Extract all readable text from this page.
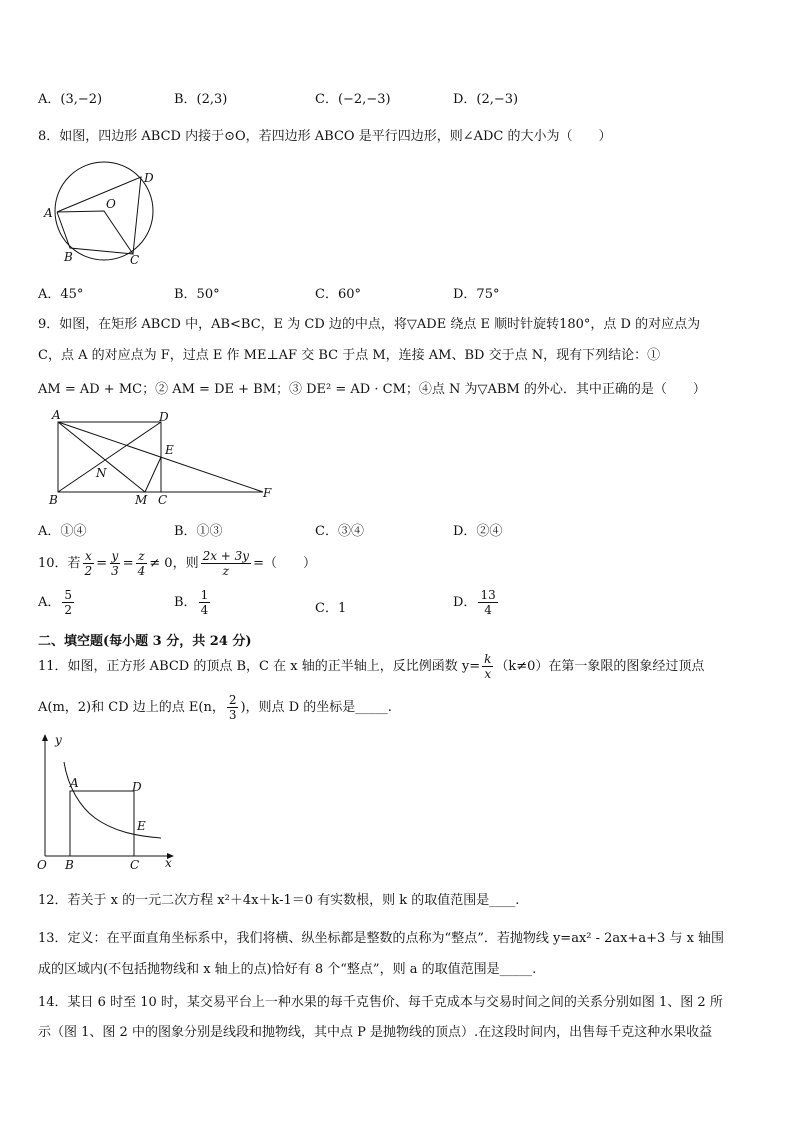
A．(3,−2)	B．(2,3)	C．(−2,−3)	D．(2,−3)
8．如图，四边形 ABCD 内接于⊙O，若四边形 ABCO 是平行四边形，则∠ADC 的大小为（　　）
A
B	C
D
O
A．45°	B．50°	C．60°	D．75°
9．如图，在矩形 ABCD 中，AB<BC，E 为 CD 边的中点，将▽ADE 绕点 E 顺时针旋转180°，点 D 的对应点为
C，点 A 的对应点为 F，过点 E 作 ME⊥AF 交 BC 于点 M，连接 AM、BD 交于点 N，现有下列结论：①
AM = AD + MC；② AM = DE + BM；③ DE² = AD · CM；④点 N 为▽ABM 的外心．其中正确的是（　　）
A	D
E
N
B	M C	F
A．①④	B．①③	C．③④	D．②④
10．若 $\frac{x}{2} = \frac{y}{3} = \frac{z}{4} \ne 0$，则 $\frac{2x + 3y}{z}$ =（　　）
A． $\frac{5}{2}$	B． $\frac{1}{4}$	C．1	D． $\frac{13}{4}$
二、填空题(每小题 3 分，共 24 分)
11．如图，正方形 ABCD 的顶点 B，C 在 x 轴的正半轴上，反比例函数 $y= \frac{k}{x} (k\ne 0)$在第一象限的图象经过顶点
A(m，2)和 CD 边上的点 E(n， $\frac{2}{3}$ )，则点 D 的坐标是_____.
y
A	D
E
O B	C x
12．若关于 x 的一元二次方程 x²＋4x＋k-1＝0 有实数根，则 k 的取值范围是____.
13．定义：在平面直角坐标系中，我们将横、纵坐标都是整数的点称为“整点”．若抛物线 y=ax² - 2ax+a+3 与 x 轴围
成的区域内(不包括抛物线和 x 轴上的点)恰好有 8 个“整点”，则 a 的取值范围是_____.
14．某日 6 时至 10 时，某交易平台上一种水果的每千克售价、每千克成本与交易时间之间的关系分别如图 1、图 2 所
示（图 1、图 2 中的图象分别是线段和抛物线，其中点 P 是抛物线的顶点）.在这段时间内，出售每千克这种水果收益
